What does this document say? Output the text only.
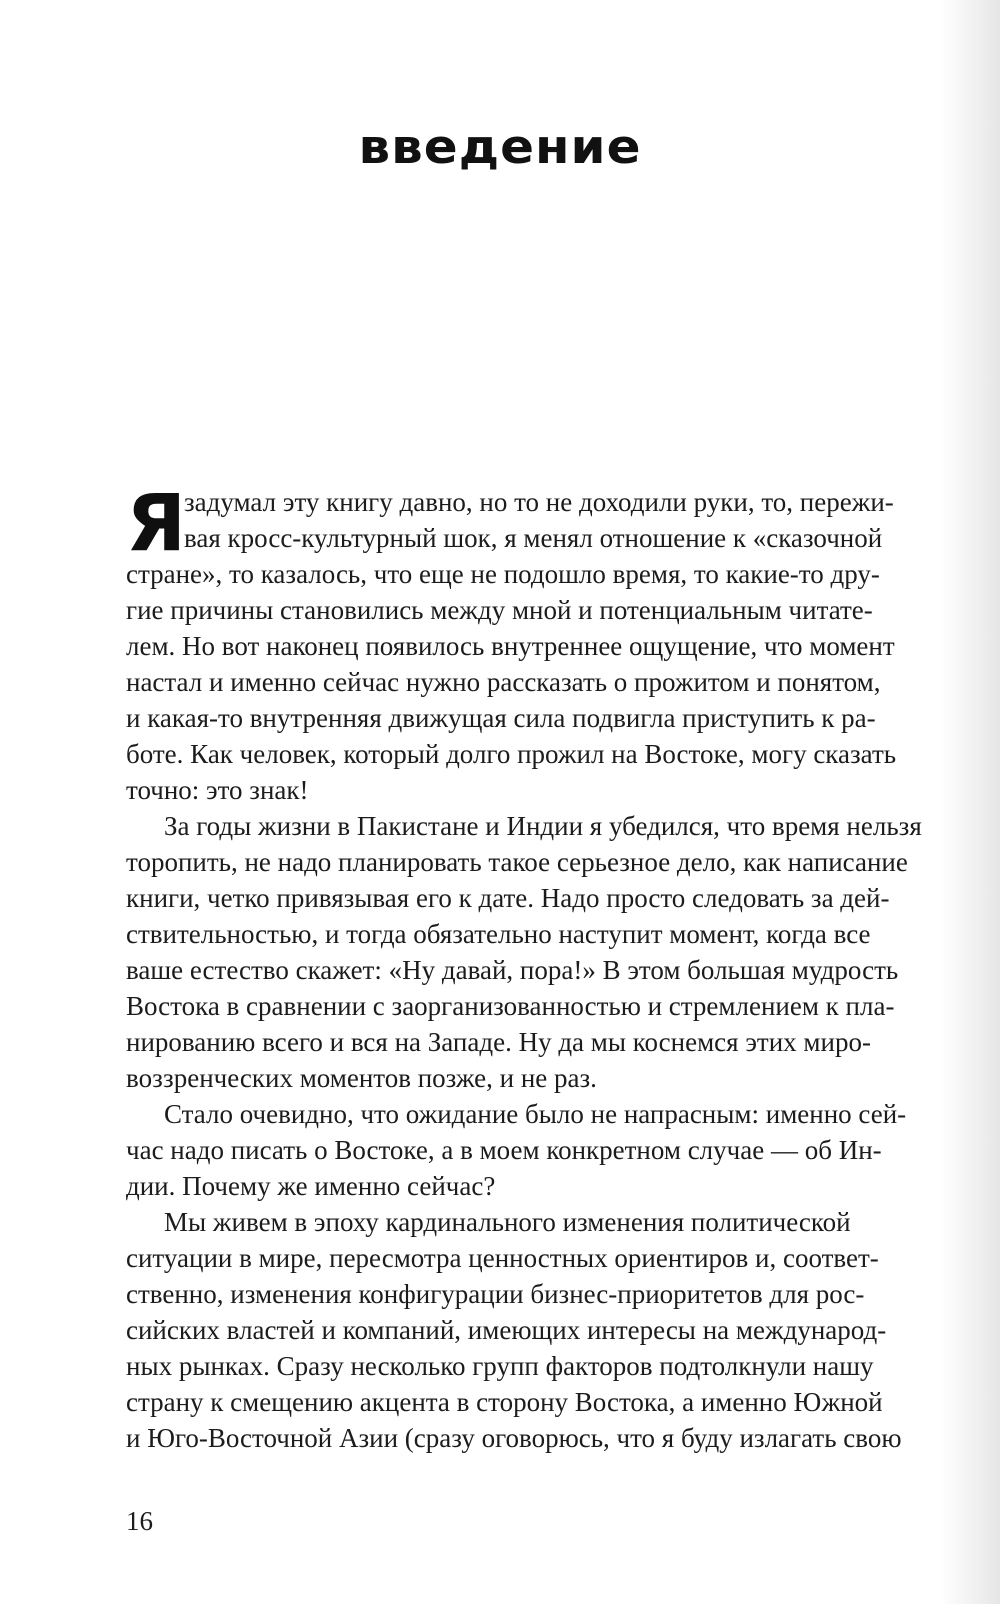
введение
Я
задумал эту книгу давно, но то не доходили руки, то, пережи-
вая кросс-культурный шок, я менял отношение к «сказочной
стране», то казалось, что еще не подошло время, то какие-то дру-
гие причины становились между мной и потенциальным читате-
лем. Но вот наконец появилось внутреннее ощущение, что момент
настал и именно сейчас нужно рассказать о прожитом и понятом,
и какая-то внутренняя движущая сила подвигла приступить к ра-
боте. Как человек, который долго прожил на Востоке, могу сказать
точно: это знак!
За годы жизни в Пакистане и Индии я убедился, что время нельзя
торопить, не надо планировать такое серьезное дело, как написание
книги, четко привязывая его к дате. Надо просто следовать за дей-
ствительностью, и тогда обязательно наступит момент, когда все
ваше естество скажет: «Ну давай, пора!» В этом большая мудрость
Востока в сравнении с заорганизованностью и стремлением к пла-
нированию всего и вся на Западе. Ну да мы коснемся этих миро-
воззренческих моментов позже, и не раз.
Стало очевидно, что ожидание было не напрасным: именно сей-
час надо писать о Востоке, а в моем конкретном случае — об Ин-
дии. Почему же именно сейчас?
Мы живем в эпоху кардинального изменения политической
ситуации в мире, пересмотра ценностных ориентиров и, соответ-
ственно, изменения конфигурации бизнес-приоритетов для рос-
сийских властей и компаний, имеющих интересы на международ-
ных рынках. Сразу несколько групп факторов подтолкнули нашу
страну к смещению акцента в сторону Востока, а именно Южной
и Юго-Восточной Азии (сразу оговорюсь, что я буду излагать свою
16
